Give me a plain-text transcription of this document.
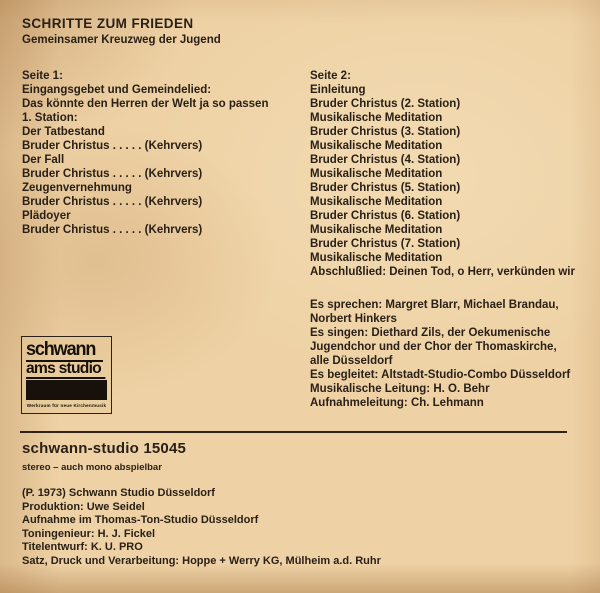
SCHRITTE ZUM FRIEDEN
Gemeinsamer Kreuzweg der Jugend
Seite 1:
Eingangsgebet und Gemeindelied:
Das könnte den Herren der Welt ja so passen
1. Station:
Der Tatbestand
Bruder Christus . . . . . (Kehrvers)
Der Fall
Bruder Christus . . . . . (Kehrvers)
Zeugenvernehmung
Bruder Christus . . . . . (Kehrvers)
Plädoyer
Bruder Christus . . . . . (Kehrvers)
Seite 2:
Einleitung
Bruder Christus (2. Station)
Musikalische Meditation
Bruder Christus (3. Station)
Musikalische Meditation
Bruder Christus (4. Station)
Musikalische Meditation
Bruder Christus (5. Station)
Musikalische Meditation
Bruder Christus (6. Station)
Musikalische Meditation
Bruder Christus (7. Station)
Musikalische Meditation
Abschlußlied: Deinen Tod, o Herr, verkünden wir
Es sprechen: Margret Blarr, Michael Brandau,
Norbert Hinkers
Es singen: Diethard Zils, der Oekumenische
Jugendchor und der Chor der Thomaskirche,
alle Düsseldorf
Es begleitet: Altstadt-Studio-Combo Düsseldorf
Musikalische Leitung: H. O. Behr
Aufnahmeleitung: Ch. Lehmann
schwann
ams studio
Werkraum für neue Kirchenmusik
schwann-studio 15045
stereo – auch mono abspielbar
(P. 1973) Schwann Studio Düsseldorf
Produktion: Uwe Seidel
Aufnahme im Thomas-Ton-Studio Düsseldorf
Toningenieur: H. J. Fickel
Titelentwurf: K. U. PRO
Satz, Druck und Verarbeitung: Hoppe + Werry KG, Mülheim a.d. Ruhr
